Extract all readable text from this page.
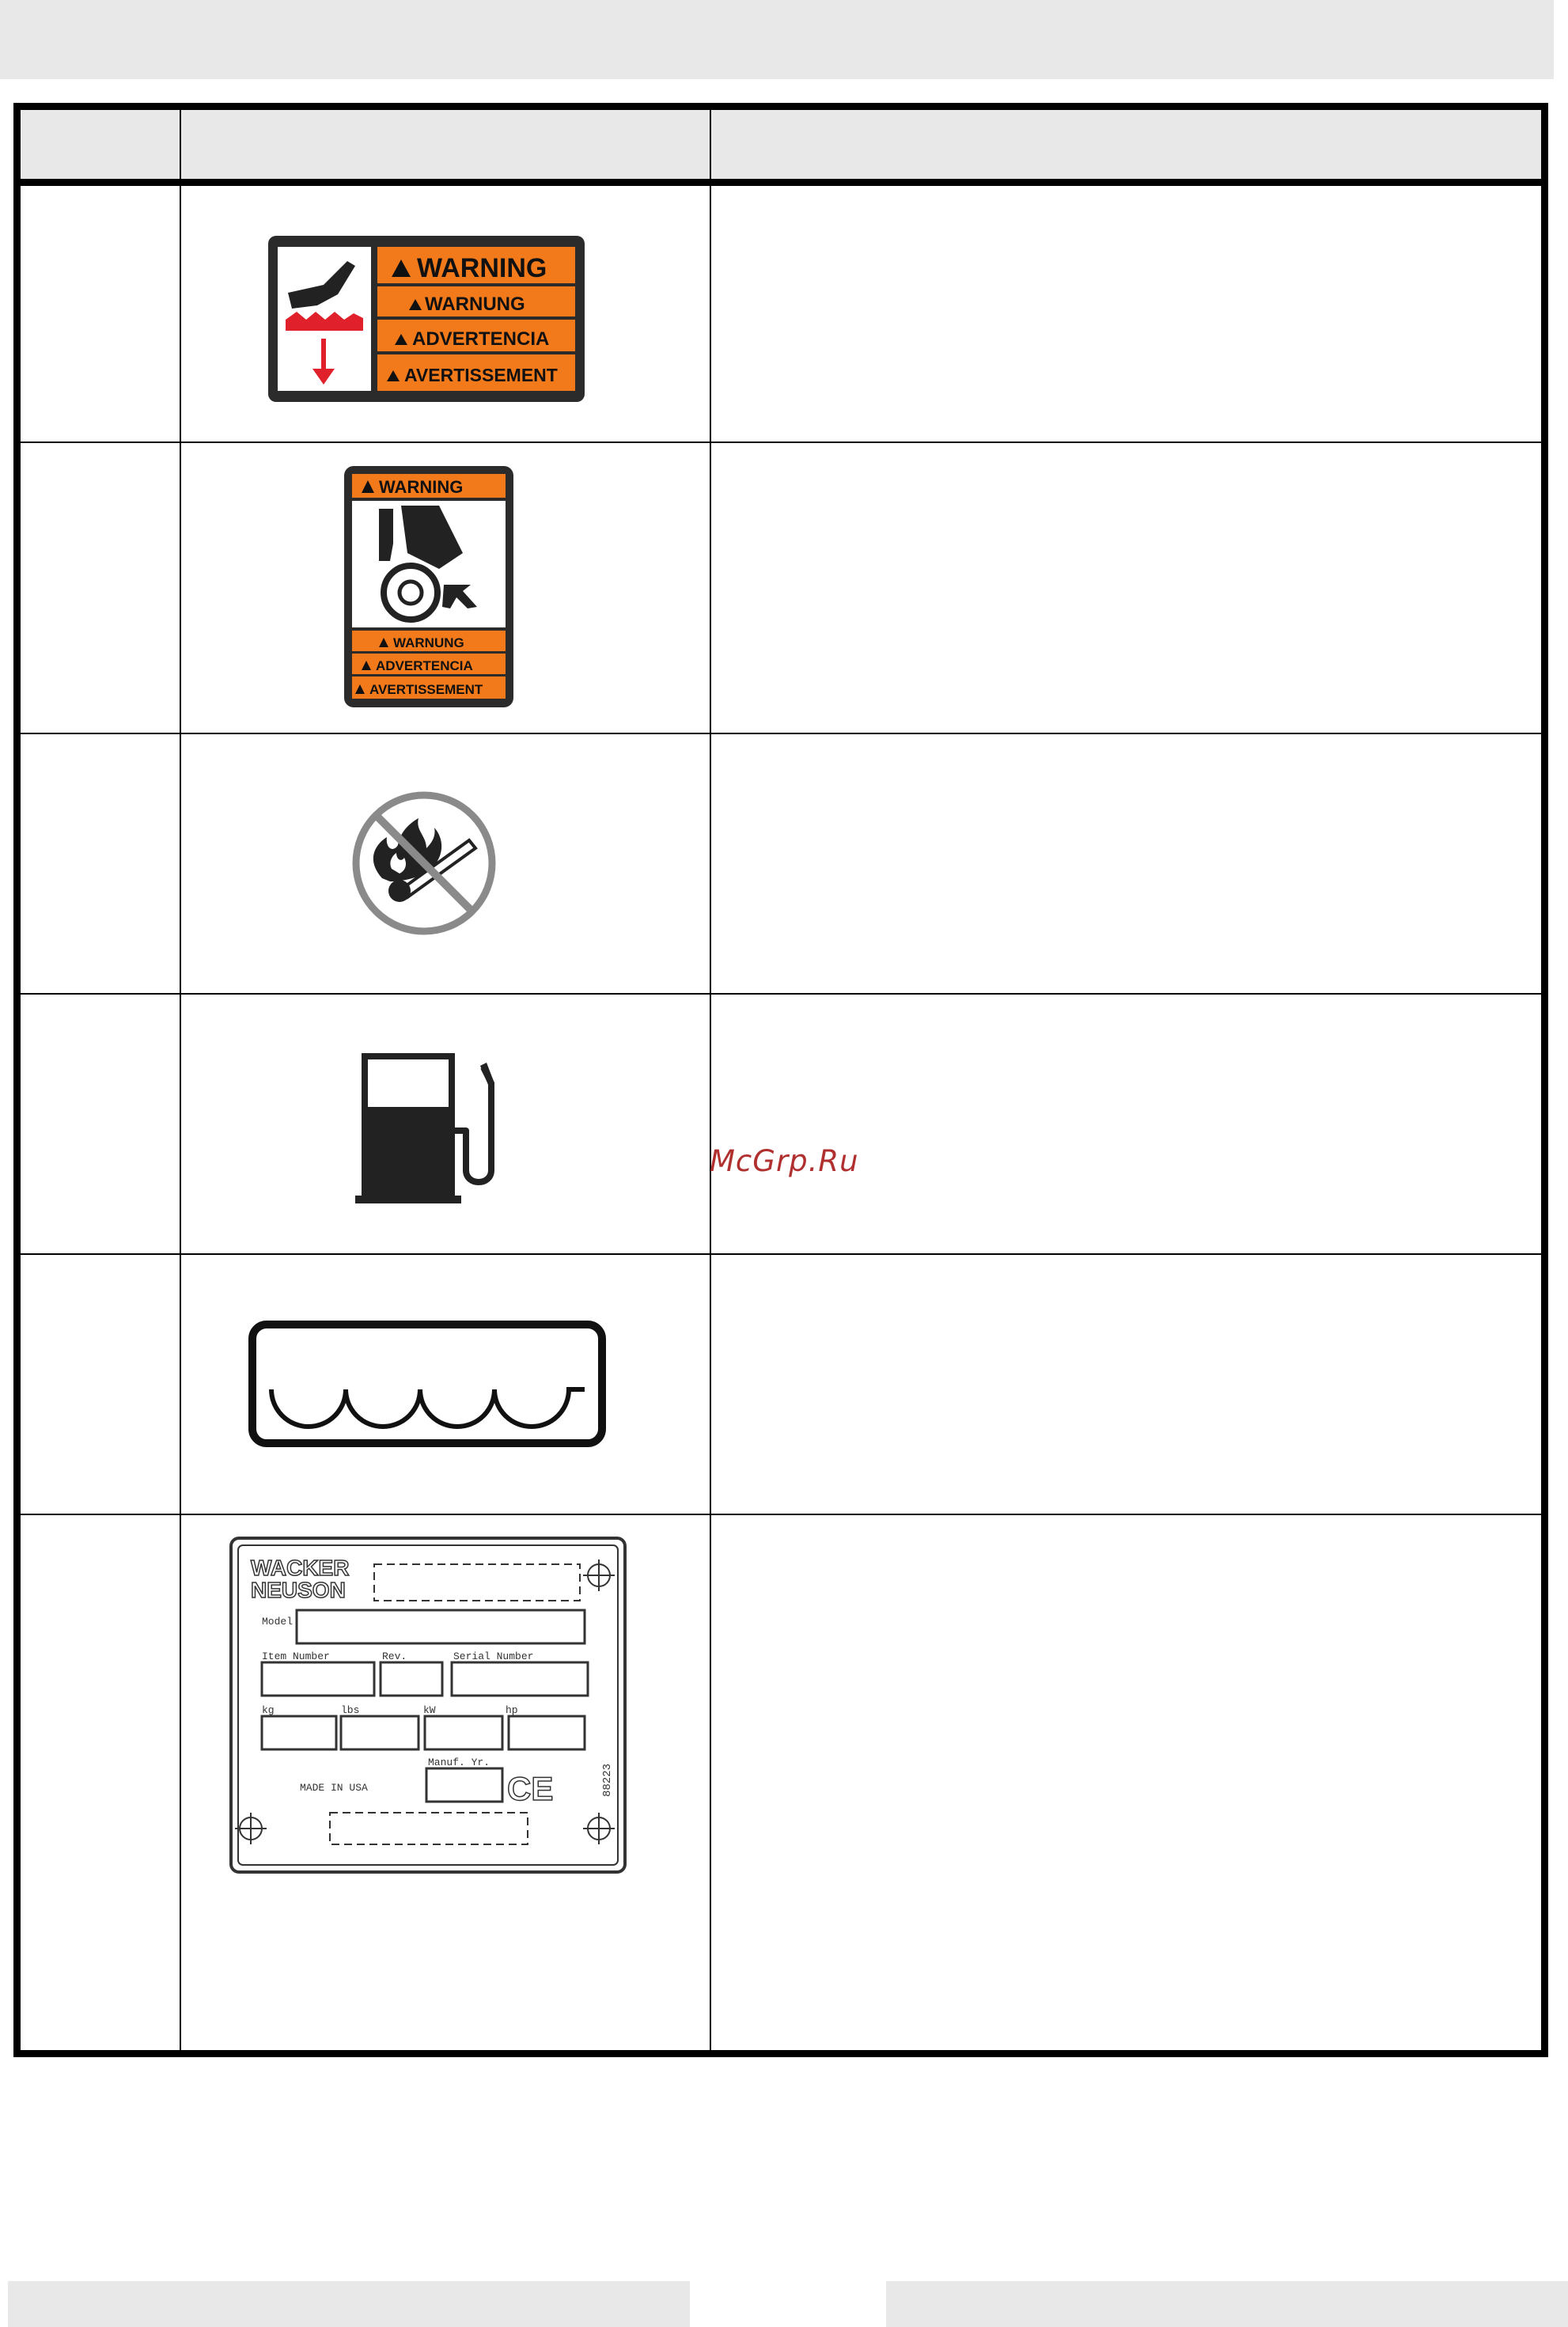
WARNING
WARNUNG
ADVERTENCIA
AVERTISSEMENT
WARNING
WARNUNG
ADVERTENCIA
AVERTISSEMENT
WACKER
NEUSON
Model
Item Number	Rev.	Serial Number
kg	lbs	kW	hp
88223
Manuf. Yr.
MADE IN USA	CE
McGrp.Ru
